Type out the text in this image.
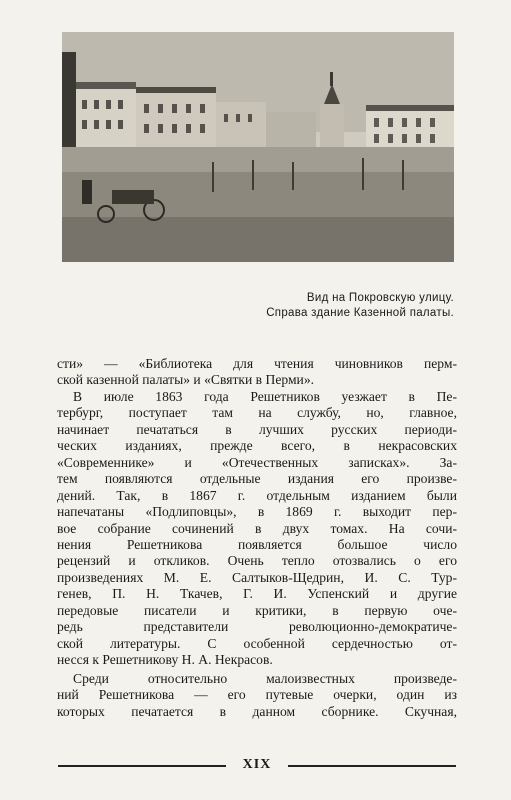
Вид на Покровскую улицу.
Справа здание Казенной палаты.
сти» — «Библиотека для чтения чиновников перм-
ской казенной палаты» и «Святки в Перми».
В июле 1863 года Решетников уезжает в Пе-
тербург, поступает там на службу, но, главное,
начинает печататься в лучших русских периоди-
ческих изданиях, прежде всего, в некрасовских
«Современнике» и «Отечественных записках». За-
тем появляются отдельные издания его произве-
дений. Так, в 1867 г. отдельным изданием были
напечатаны «Подлиповцы», в 1869 г. выходит пер-
вое собрание сочинений в двух томах. На сочи-
нения Решетникова появляется большое число
рецензий и откликов. Очень тепло отозвались о его
произведениях М. Е. Салтыков-Щедрин, И. С. Тур-
генев, П. Н. Ткачев, Г. И. Успенский и другие
передовые писатели и критики, в первую оче-
редь представители революционно-демократиче-
ской литературы. С особенной сердечностью от-
несся к Решетникову Н. А. Некрасов.
Среди относительно малоизвестных произведе-
ний Решетникова — его путевые очерки, один из
которых печатается в данном сборнике. Скучная,
XIX
